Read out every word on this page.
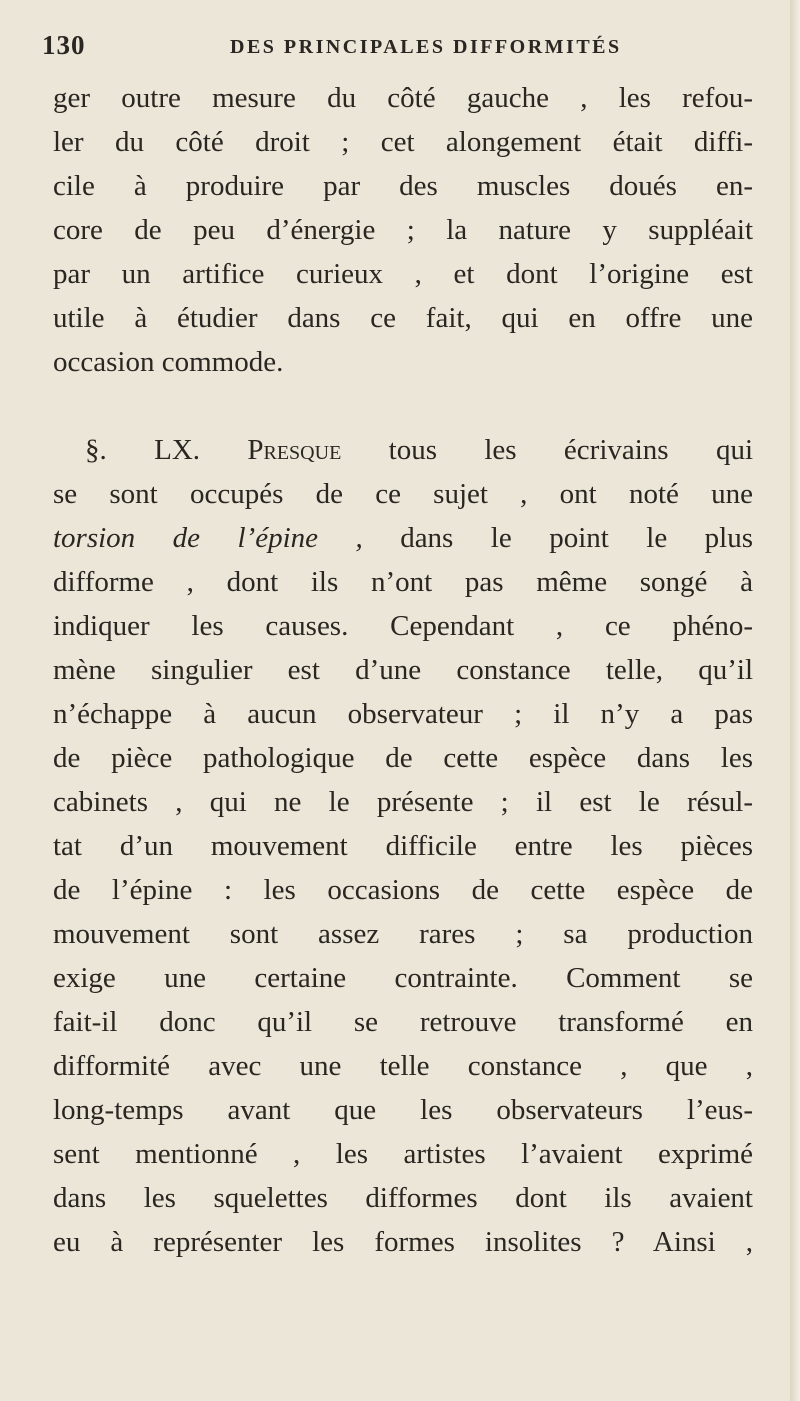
130	DES PRINCIPALES DIFFORMITÉS
ger outre mesure du côté gauche , les refou-
ler du côté droit ; cet alongement était diffi-
cile à produire par des muscles doués en-
core de peu d’énergie ; la nature y suppléait
par un artifice curieux , et dont l’origine est
utile à étudier dans ce fait, qui en offre une
occasion commode.
§. LX. Presque tous les écrivains qui
se sont occupés de ce sujet , ont noté une
torsion de l’épine , dans le point le plus
difforme , dont ils n’ont pas même songé à
indiquer les causes. Cependant , ce phéno-
mène singulier est d’une constance telle, qu’il
n’échappe à aucun observateur ; il n’y a pas
de pièce pathologique de cette espèce dans les
cabinets , qui ne le présente ; il est le résul-
tat d’un mouvement difficile entre les pièces
de l’épine : les occasions de cette espèce de
mouvement sont assez rares ; sa production
exige une certaine contrainte. Comment se
fait-il donc qu’il se retrouve transformé en
difformité avec une telle constance , que ,
long-temps avant que les observateurs l’eus-
sent mentionné , les artistes l’avaient exprimé
dans les squelettes difformes dont ils avaient
eu à représenter les formes insolites ? Ainsi ,
